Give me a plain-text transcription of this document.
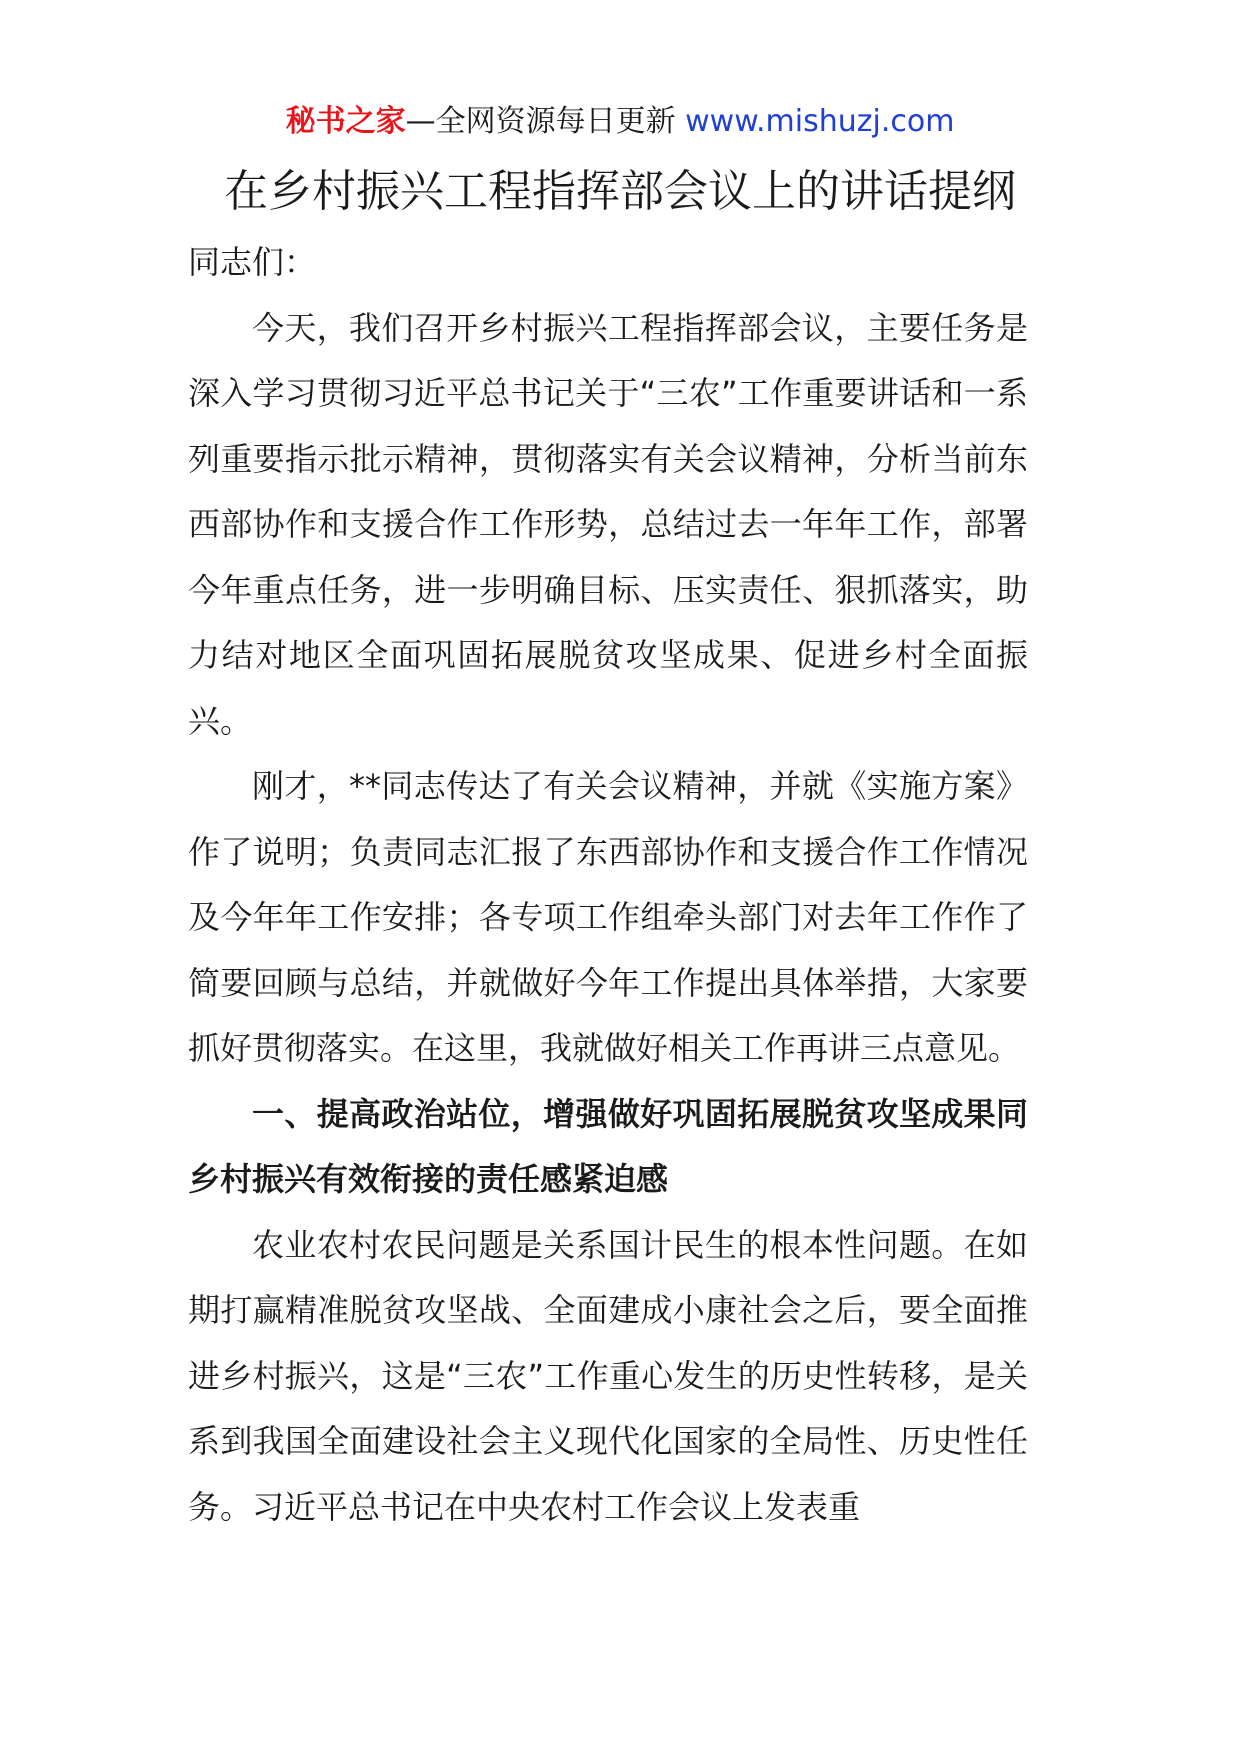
秘书之家—全网资源每日更新 www.mishuzj.com
在乡村振兴工程指挥部会议上的讲话提纲

同志们：

今天，我们召开乡村振兴工程指挥部会议，主要任务是深入学习贯彻习近平总书记关于“三农”工作重要讲话和一系列重要指示批示精神，贯彻落实有关会议精神，分析当前东西部协作和支援合作工作形势，总结过去一年年工作，部署今年重点任务，进一步明确目标、压实责任、狠抓落实，助力结对地区全面巩固拓展脱贫攻坚成果、促进乡村全面振兴。

刚才，**同志传达了有关会议精神，并就《实施方案》作了说明；负责同志汇报了东西部协作和支援合作工作情况及今年年工作安排；各专项工作组牵头部门对去年工作作了简要回顾与总结，并就做好今年工作提出具体举措，大家要抓好贯彻落实。在这里，我就做好相关工作再讲三点意见。

一、提高政治站位，增强做好巩固拓展脱贫攻坚成果同乡村振兴有效衔接的责任感紧迫感

农业农村农民问题是关系国计民生的根本性问题。在如期打赢精准脱贫攻坚战、全面建成小康社会之后，要全面推进乡村振兴，这是“三农”工作重心发生的历史性转移，是关系到我国全面建设社会主义现代化国家的全局性、历史性任务。习近平总书记在中央农村工作会议上发表重
